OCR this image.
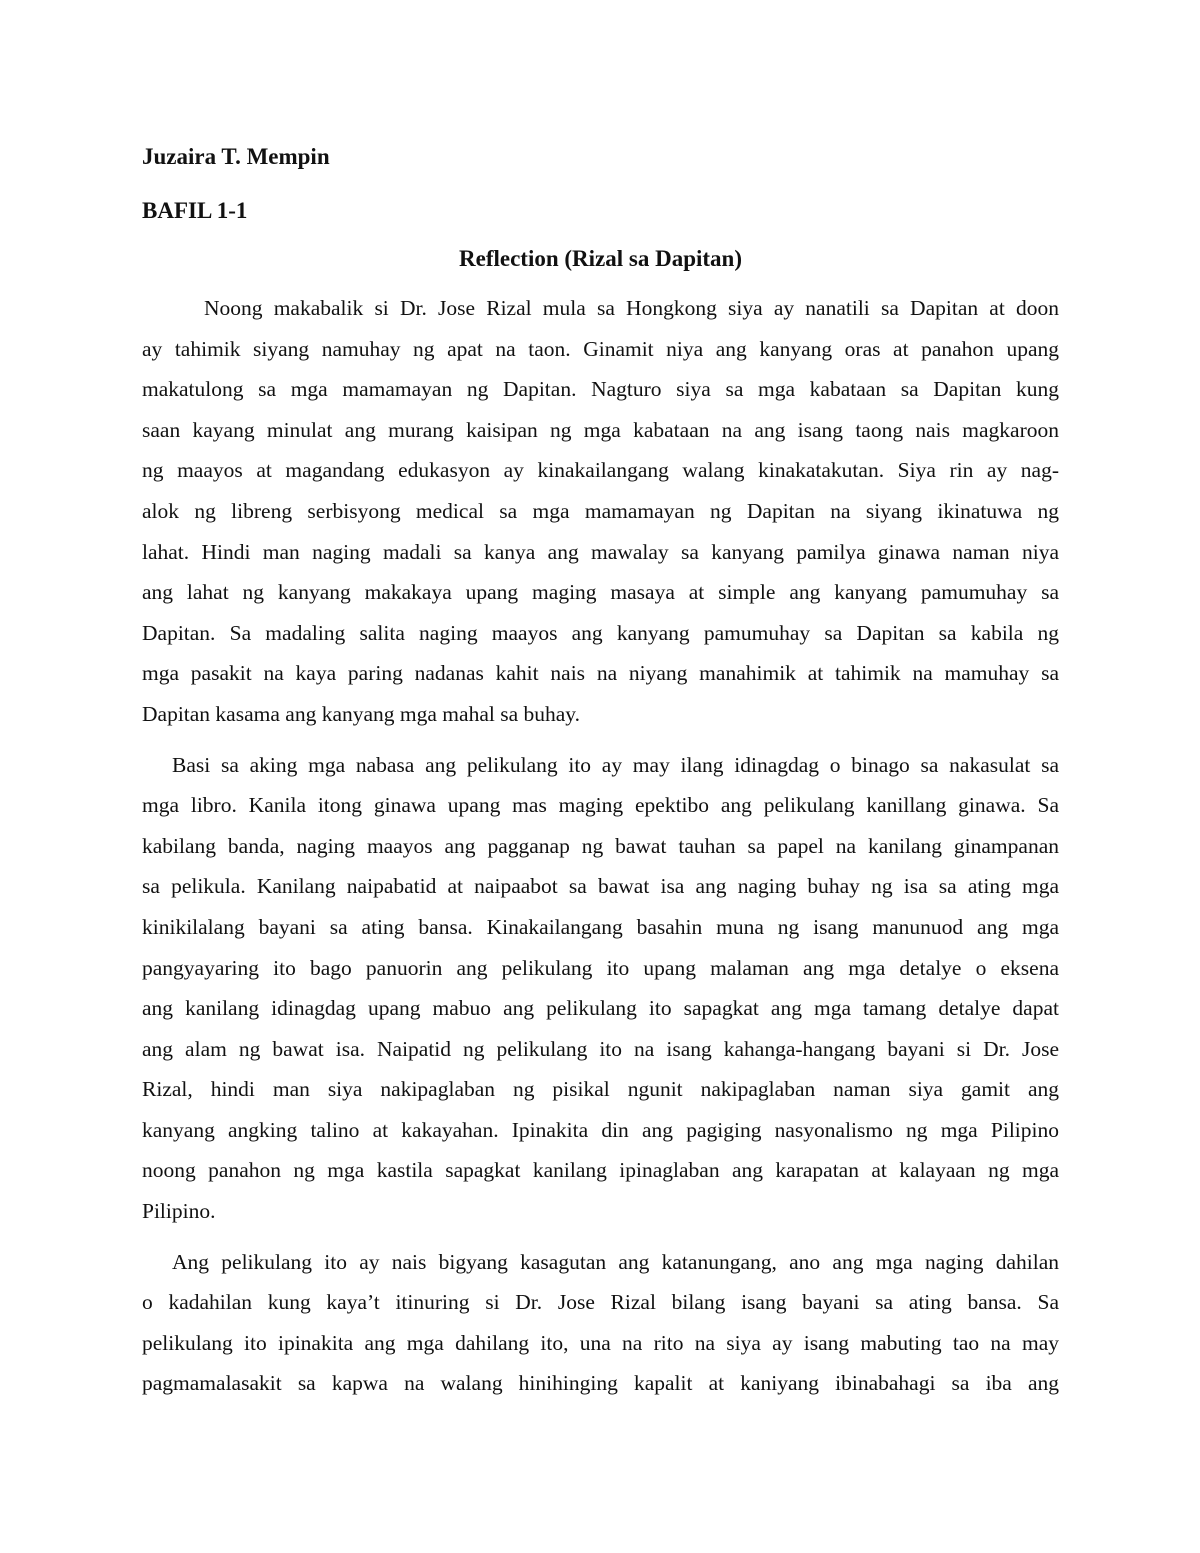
Juzaira T. Mempin

BAFIL 1-1

Reflection (Rizal sa Dapitan)

Noong makabalik si Dr. Jose Rizal mula sa Hongkong siya ay nanatili sa Dapitan at doon
ay tahimik siyang namuhay ng apat na taon. Ginamit niya ang kanyang oras at panahon upang
makatulong sa mga mamamayan ng Dapitan. Nagturo siya sa mga kabataan sa Dapitan kung
saan kayang minulat ang murang kaisipan ng mga kabataan na ang isang taong nais magkaroon
ng maayos at magandang edukasyon ay kinakailangang walang kinakatakutan. Siya rin ay nag-
alok ng libreng serbisyong medical sa mga mamamayan ng Dapitan na siyang ikinatuwa ng
lahat. Hindi man naging madali sa kanya ang mawalay sa kanyang pamilya ginawa naman niya
ang lahat ng kanyang makakaya upang maging masaya at simple ang kanyang pamumuhay sa
Dapitan. Sa madaling salita naging maayos ang kanyang pamumuhay sa Dapitan sa kabila ng
mga pasakit na kaya paring nadanas kahit nais na niyang manahimik at tahimik na mamuhay sa
Dapitan kasama ang kanyang mga mahal sa buhay.
Basi sa aking mga nabasa ang pelikulang ito ay may ilang idinagdag o binago sa nakasulat sa
mga libro. Kanila itong ginawa upang mas maging epektibo ang pelikulang kanillang ginawa. Sa
kabilang banda, naging maayos ang pagganap ng bawat tauhan sa papel na kanilang ginampanan
sa pelikula. Kanilang naipabatid at naipaabot sa bawat isa ang naging buhay ng isa sa ating mga
kinikilalang bayani sa ating bansa. Kinakailangang basahin muna ng isang manunuod ang mga
pangyayaring ito bago panuorin ang pelikulang ito upang malaman ang mga detalye o eksena
ang kanilang idinagdag upang mabuo ang pelikulang ito sapagkat ang mga tamang detalye dapat
ang alam ng bawat isa. Naipatid ng pelikulang ito na isang kahanga-hangang bayani si Dr. Jose
Rizal, hindi man siya nakipaglaban ng pisikal ngunit nakipaglaban naman siya gamit ang
kanyang angking talino at kakayahan. Ipinakita din ang pagiging nasyonalismo ng mga Pilipino
noong panahon ng mga kastila sapagkat kanilang ipinaglaban ang karapatan at kalayaan ng mga
Pilipino.
Ang pelikulang ito ay nais bigyang kasagutan ang katanungang, ano ang mga naging dahilan
o kadahilan kung kaya’t itinuring si Dr. Jose Rizal bilang isang bayani sa ating bansa. Sa
pelikulang ito ipinakita ang mga dahilang ito, una na rito na siya ay isang mabuting tao na may
pagmamalasakit sa kapwa na walang hinihinging kapalit at kaniyang ibinabahagi sa iba ang
